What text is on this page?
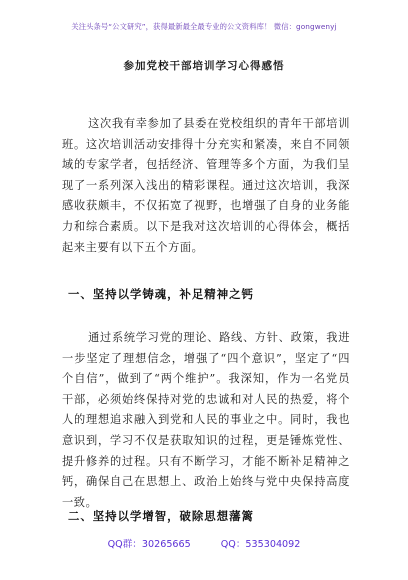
关注头条号“公文研究”，获得最新最全最专业的公文资料库！ 微信：gongwenyj
参加党校干部培训学习心得感悟

这次我有幸参加了县委在党校组织的青年干部培训班。这次培训活动安排得十分充实和紧凑，来自不同领域的专家学者，包括经济、管理等多个方面，为我们呈现了一系列深入浅出的精彩课程。通过这次培训，我深感收获颇丰，不仅拓宽了视野，也增强了自身的业务能力和综合素质。以下是我对这次培训的心得体会，概括起来主要有以下五个方面。

一、坚持以学铸魂，补足精神之钙

通过系统学习党的理论、路线、方针、政策，我进一步坚定了理想信念，增强了“四个意识”，坚定了“四个自信”，做到了“两个维护”。我深知，作为一名党员干部，必须始终保持对党的忠诚和对人民的热爱，将个人的理想追求融入到党和人民的事业之中。同时，我也意识到，学习不仅是获取知识的过程，更是锤炼党性、提升修养的过程。只有不断学习，才能不断补足精神之钙，确保自己在思想上、政治上始终与党中央保持高度一致。

二、坚持以学增智，破除思想藩篱
QQ群：30265665	QQ：535304092
